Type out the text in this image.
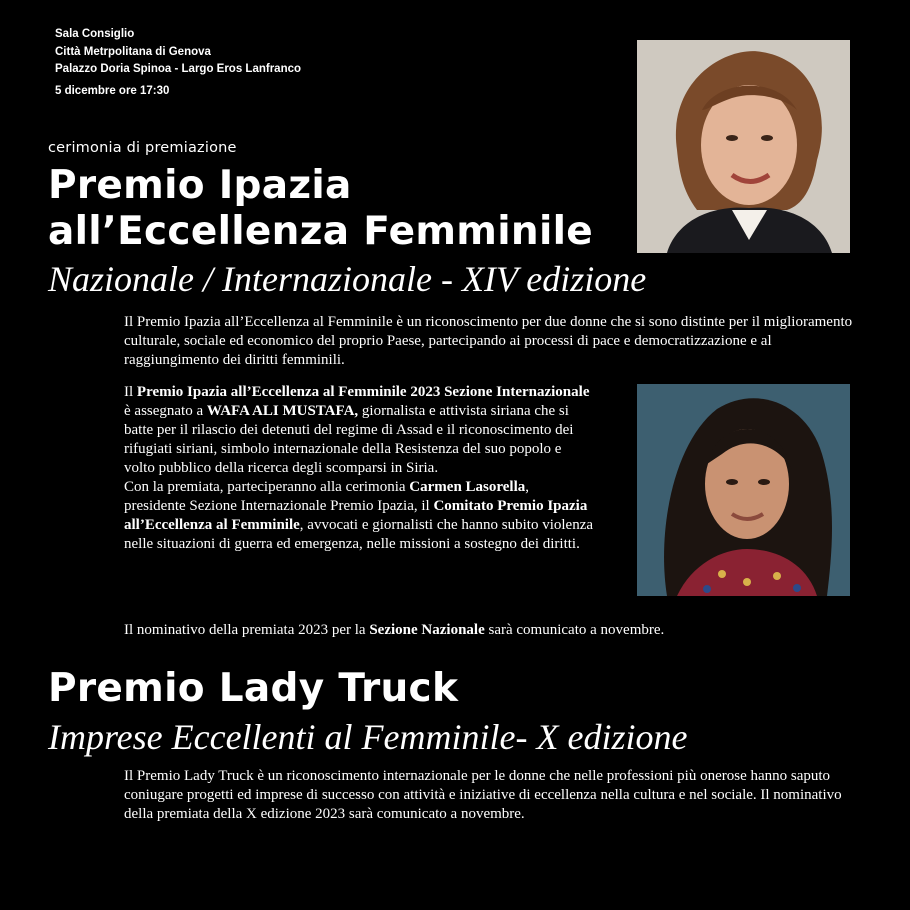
Sala Consiglio
Città Metrpolitana di Genova
Palazzo Doria Spinoa - Largo Eros Lanfranco
5 dicembre ore 17:30
cerimonia di premiazione
Premio Ipazia
all’Eccellenza Femminile
Nazionale / Internazionale - XIV edizione
Il Premio Ipazia all’Eccellenza al Femminile è un riconoscimento per due donne che si sono distinte per il miglioramento culturale, sociale ed economico del proprio Paese, partecipando ai processi di pace e democratizzazione e al raggiungimento dei diritti femminili.
Il Premio Ipazia all’Eccellenza al Femminile 2023 Sezione Internazionale è assegnato a WAFA ALI MUSTAFA, giornalista e attivista siriana che si batte per il rilascio dei detenuti del regime di Assad e il riconoscimento dei rifugiati siriani, simbolo internazionale della Resistenza del suo popolo e volto pubblico della ricerca degli scomparsi in Siria.
Con la premiata, parteciperanno alla cerimonia Carmen Lasorella, presidente Sezione Internazionale Premio Ipazia, il Comitato Premio Ipazia all’Eccellenza al Femminile, avvocati e giornalisti che hanno subito violenza nelle situazioni di guerra ed emergenza, nelle missioni a sostegno dei diritti.
Il nominativo della premiata 2023 per la Sezione Nazionale sarà comunicato a novembre.
Premio Lady Truck
Imprese Eccellenti al Femminile- X edizione
Il Premio Lady Truck è un riconoscimento internazionale per le donne che nelle professioni più onerose hanno saputo coniugare progetti ed imprese di successo con attività e iniziative di eccellenza nella cultura e nel sociale. Il nominativo della premiata della X edizione 2023 sarà comunicato a novembre.
